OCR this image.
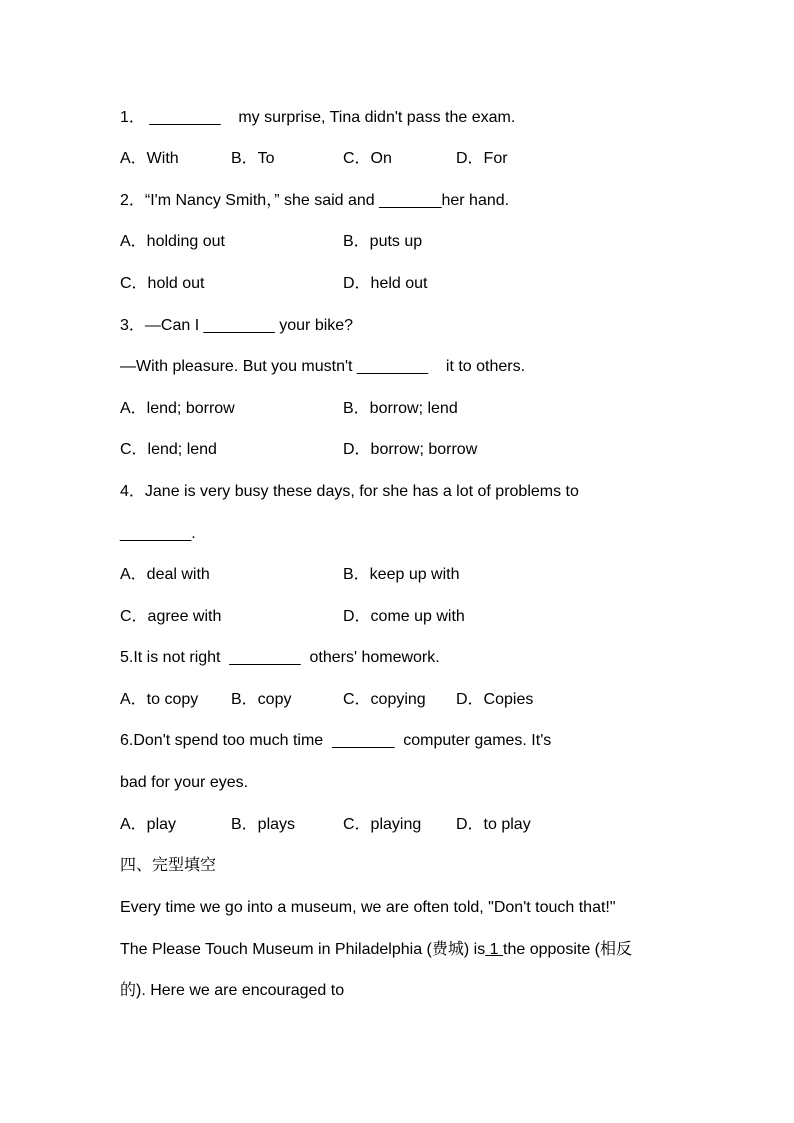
1． ________ my surprise, Tina didn't pass the exam.
A．With	B．To	C．On	D．For
2．“I'm Nancy Smith，” she said and _______her hand.
A．holding out	B．puts up
C．hold out	D．held out
3．—Can I ________ your bike?
—With pleasure. But you mustn't ________ it to others.
A．lend; borrow	B．borrow; lend
C．lend; lend	D．borrow; borrow
4．Jane is very busy these days, for she has a lot of problems to
________.
A．deal with	B．keep up with
C．agree with	D．come up with
5.It is not right ________ others' homework.
A．to copy B．copy	C．copying D．Copies
6.Don't spend too much time _______ computer games. It's
bad for your eyes.
A．play	B．plays	C．playing D．to play
四、完型填空
Every time we go into a museum, we are often told, "Don't touch that!"
The Please Touch Museum in Philadelphia (费城) is 1 the opposite (相反
的). Here we are encouraged to
